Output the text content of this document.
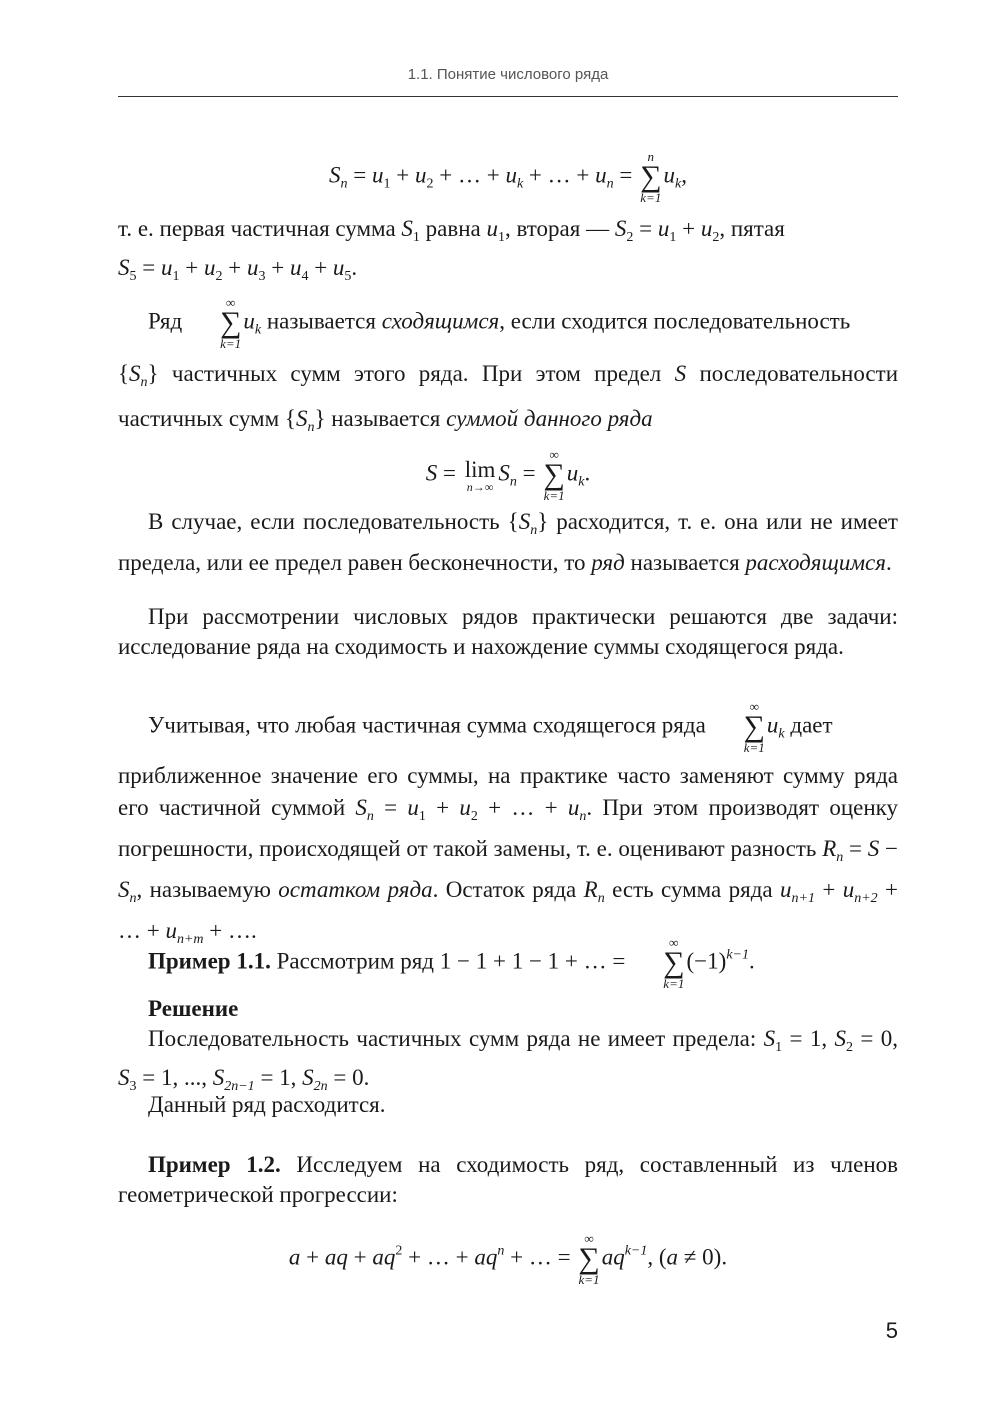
1.1. Понятие числового ряда
$S_n = u_1 + u_2$ + … + $u_k$ + … + $u_n$ =
n
∑
k=1
$u_k$,
т. е. первая частичная сумма $S_1$ равна $u_1$, вторая — $S_2 = u_1 + u_2$, пятая
$S_5 = u_1 + u_2 + u_3 + u_4 + u_5$.
Ряд
∞
∑
k=1
$u_k$ называется сходящимся, если сходится последовательность
$\{S_n\}$ частичных сумм этого ряда. При этом предел S последовательности частичных сумм $\{S_n\}$ называется суммой данного ряда
S = lim
n→∞
$S_n$ =
∞
∑
k=1
$u_k$.
В случае, если последовательность $\{S_n\}$ расходится, т. е. она или не имеет предела, или ее предел равен бесконечности, то ряд называется расходящимся.
При рассмотрении числовых рядов практически решаются две задачи: исследование ряда на сходимость и нахождение суммы сходящегося ряда.
Учитывая, что любая частичная сумма сходящегося ряда
∞
∑
k=1
$u_k$ дает
приближенное значение его суммы, на практике часто заменяют сумму ряда его частичной суммой $S_n = u_1 + u_2$ + … + $u_n$. При этом производят оценку погрешности, происходящей от такой замены, т. е. оценивают разность $R_n = S - S_n$, называемую остатком ряда. Остаток ряда $R_n$ есть сумма ряда $u_{n+1} + u_{n+2}$ + … + $u_{n+m}$ + ….
Пример 1.1. Рассмотрим ряд 1 − 1 + 1 − 1 + … =
∞
∑
k=1
$(-1)^{k-1}$.
Решение
Последовательность частичных сумм ряда не имеет предела: $S_1 = 1$, $S_2 = 0$, $S_3 = 1$, ..., $S_{2n-1} = 1$, $S_{2n} = 0$.
Данный ряд расходится.
Пример 1.2. Исследуем на сходимость ряд, составленный из членов геометрической прогрессии:
a + aq + $aq^2$ + … + $aq^n$ + … =
∞
∑
k=1
$aq^{k-1}$, (a ≠ 0).
5
